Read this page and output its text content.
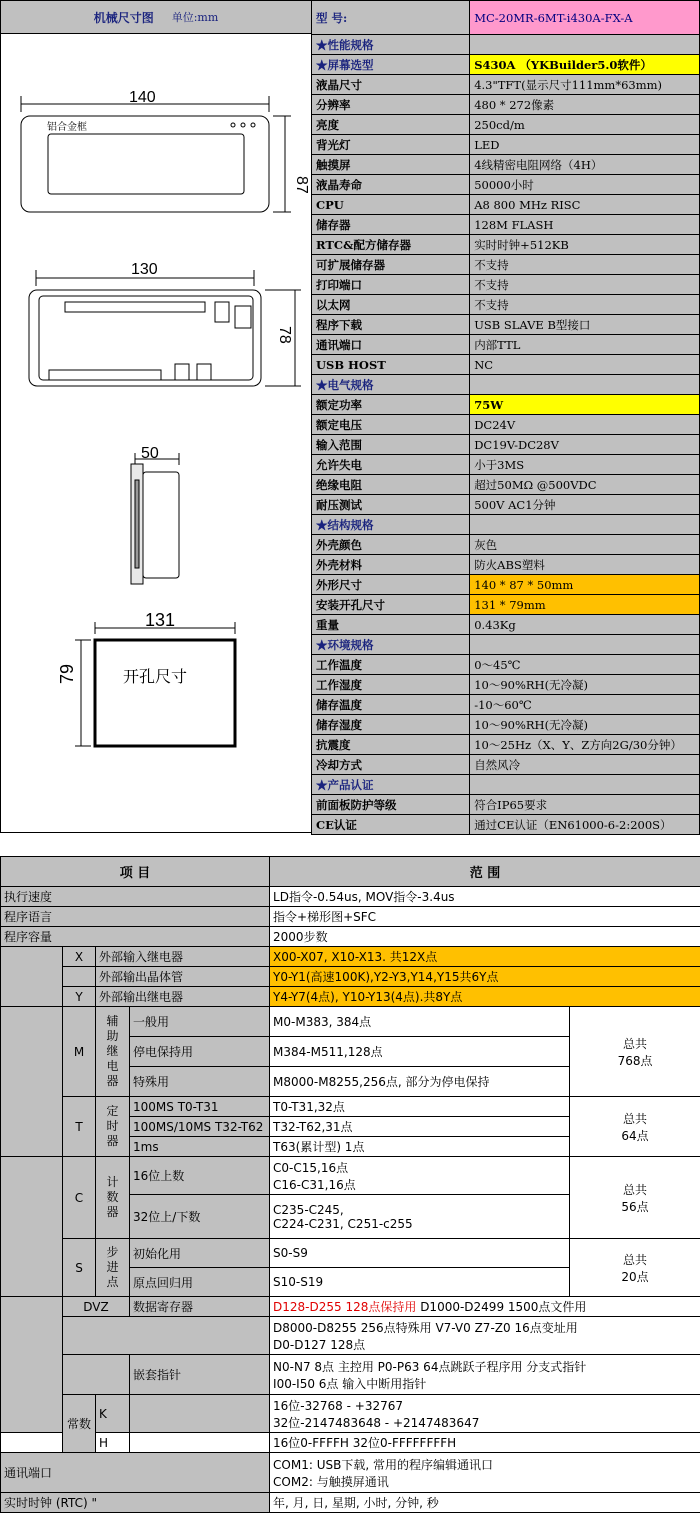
机械尺寸图 单位:mm
140
铝合金框
87
130
78
50
131
79	开孔尺寸
型 号:	MC-20MR-6MT-i430A-FX-A
★性能规格	
★屏幕选型	S430A （YKBuilder5.0软件）
液晶尺寸	4.3"TFT(显示尺寸111mm*63mm)
分辨率	480 * 272像素
亮度	250cd/m
背光灯	LED
触摸屏	4线精密电阻网络（4H）
液晶寿命	50000小时
CPU	A8 800 MHz RISC
储存器	128M FLASH
RTC&配方储存器	实时时钟+512KB
可扩展储存器	不支持
打印端口	不支持
以太网	不支持
程序下载	USB SLAVE B型接口
通讯端口	内部TTL
USB HOST	NC
★电气规格	
额定功率	75W
额定电压	DC24V
输入范围	DC19V-DC28V
允许失电	小于3MS
绝缘电阻	超过50MΩ @500VDC
耐压测试	500V AC1分钟
★结构规格	
外壳颜色	灰色
外壳材料	防火ABS塑料
外形尺寸	140 * 87 * 50mm
安装开孔尺寸	131 * 79mm
重量	0.43Kg
★环境规格	
工作温度	0～45℃
工作湿度	10～90%RH(无冷凝)
储存温度	-10～60℃
储存湿度	10～90%RH(无冷凝)
抗震度	10～25Hz（X、Y、Z方向2G/30分钟）
冷却方式	自然风冷
★产品认证	
前面板防护等级	符合IP65要求
CE认证	通过CE认证（EN61000-6-2:200S）
项 目				范 围	
执行速度				LD指令-0.54us, MOV指令-3.4us	
程序语言				指令+梯形图+SFC	
程序容量				2000步数	
	X	外部输入继电器		X00-X07, X10-X13. 共12X点	
		外部输出晶体管		Y0-Y1(高速100K),Y2-Y3,Y14,Y15共6Y点	
	Y	外部输出继电器		Y4-Y7(4点), Y10-Y13(4点).共8Y点	
	M	辅助继电器	一般用	M0-M383, 384点	总共
768点
			停电保持用	M384-M511,128点	
			特殊用	M8000-M8255,256点, 部分为停电保持	
	T	定时器	100MS T0-T31	T0-T31,32点	总共
64点
			100MS/10MS T32-T62	T32-T62,31点	
			1ms	T63(累计型) 1点	
	C	计数器	16位上数	C0-C15,16点
C16-C31,16点	总共
56点
			32位上/下数	C235-C245,
C224-C231, C251-c255	
	S	步进点	初始化用	S0-S9	总共
20点
			原点回归用	S10-S19	
	DVZ		数据寄存器	D128-D255 128点保持用 D1000-D2499 1500点文件用	
				D8000-D8255 256点特殊用 V7-V0 Z7-Z0 16点变址用
D0-D127 128点	
			嵌套指针	N0-N7 8点 主控用 P0-P63 64点跳跃子程序用 分支式指针
I00-I50 6点 输入中断用指针	
	常数	K		16位-32768 - +32767
32位-2147483648 - +2147483647	
		H		16位0-FFFFH 32位0-FFFFFFFFH	
通讯端口				COM1: USB下载, 常用的程序编辑通讯口
COM2: 与触摸屏通讯	
实时时钟 (RTC) "				年, 月, 日, 星期, 小时, 分钟, 秒	
